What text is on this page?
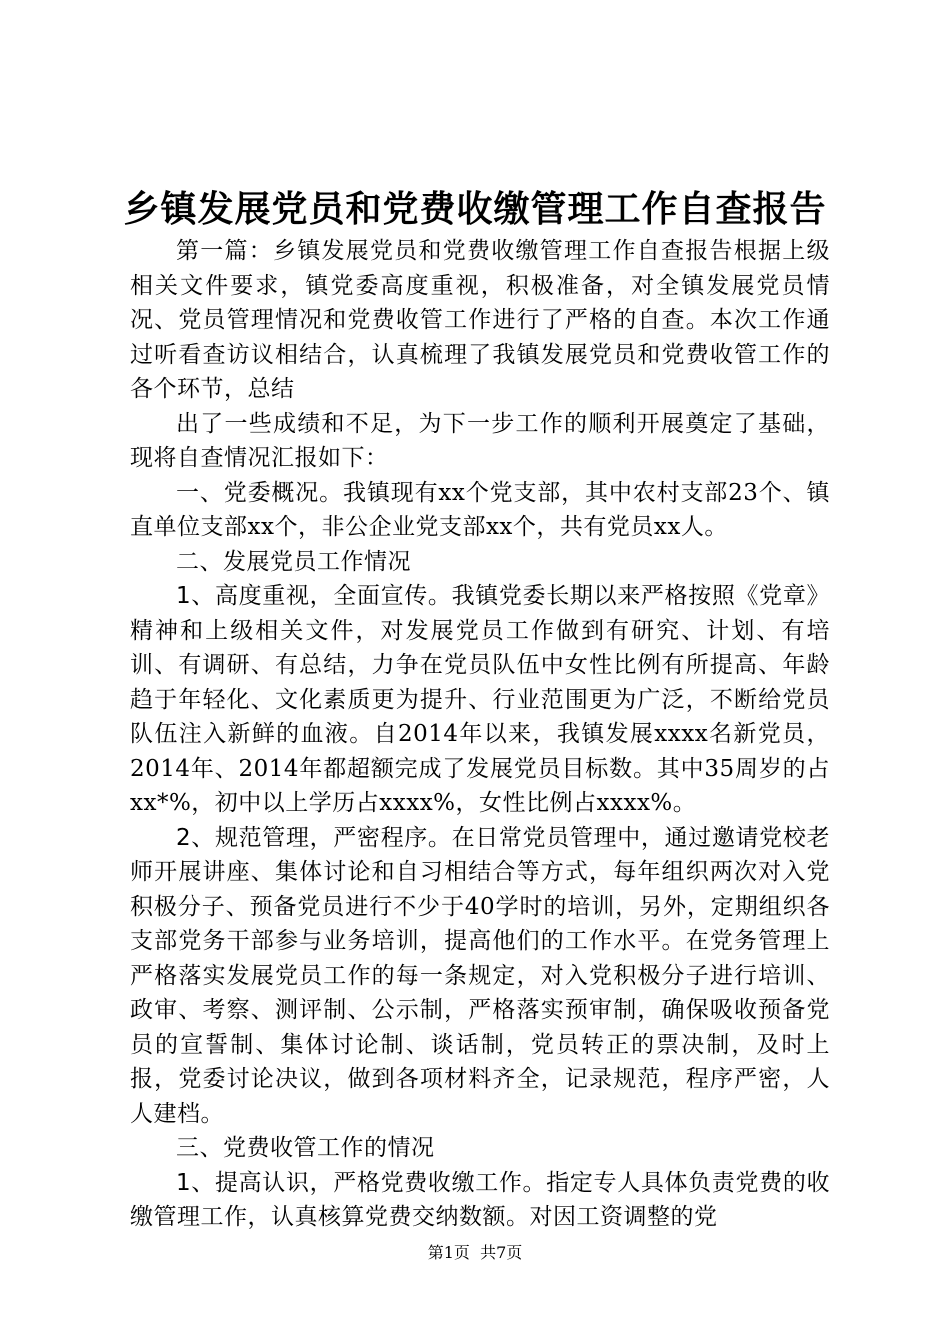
乡镇发展党员和党费收缴管理工作自查报告

第一篇：乡镇发展党员和党费收缴管理工作自查报告根据上级相关文件要求，镇党委高度重视，积极准备，对全镇发展党员情况、党员管理情况和党费收管工作进行了严格的自查。本次工作通过听看查访议相结合，认真梳理了我镇发展党员和党费收管工作的各个环节，总结

出了一些成绩和不足，为下一步工作的顺利开展奠定了基础，现将自查情况汇报如下：

一、党委概况。我镇现有xx个党支部，其中农村支部23个、镇直单位支部xx个，非公企业党支部xx个，共有党员xx人。

二、发展党员工作情况

1、高度重视，全面宣传。我镇党委长期以来严格按照《党章》精神和上级相关文件，对发展党员工作做到有研究、计划、有培训、有调研、有总结，力争在党员队伍中女性比例有所提高、年龄趋于年轻化、文化素质更为提升、行业范围更为广泛，不断给党员队伍注入新鲜的血液。自2014年以来，我镇发展xxxx名新党员，2014年、2014年都超额完成了发展党员目标数。其中35周岁的占xx*%，初中以上学历占xxxx%，女性比例占xxxx%。

2、规范管理，严密程序。在日常党员管理中，通过邀请党校老师开展讲座、集体讨论和自习相结合等方式，每年组织两次对入党积极分子、预备党员进行不少于40学时的培训，另外，定期组织各支部党务干部参与业务培训，提高他们的工作水平。在党务管理上严格落实发展党员工作的每一条规定，对入党积极分子进行培训、政审、考察、测评制、公示制，严格落实预审制，确保吸收预备党员的宣誓制、集体讨论制、谈话制，党员转正的票决制，及时上报，党委讨论决议，做到各项材料齐全，记录规范，程序严密，人人建档。

三、党费收管工作的情况

1、提高认识，严格党费收缴工作。指定专人具体负责党费的收缴管理工作，认真核算党费交纳数额。对因工资调整的党

第1页 共7页
